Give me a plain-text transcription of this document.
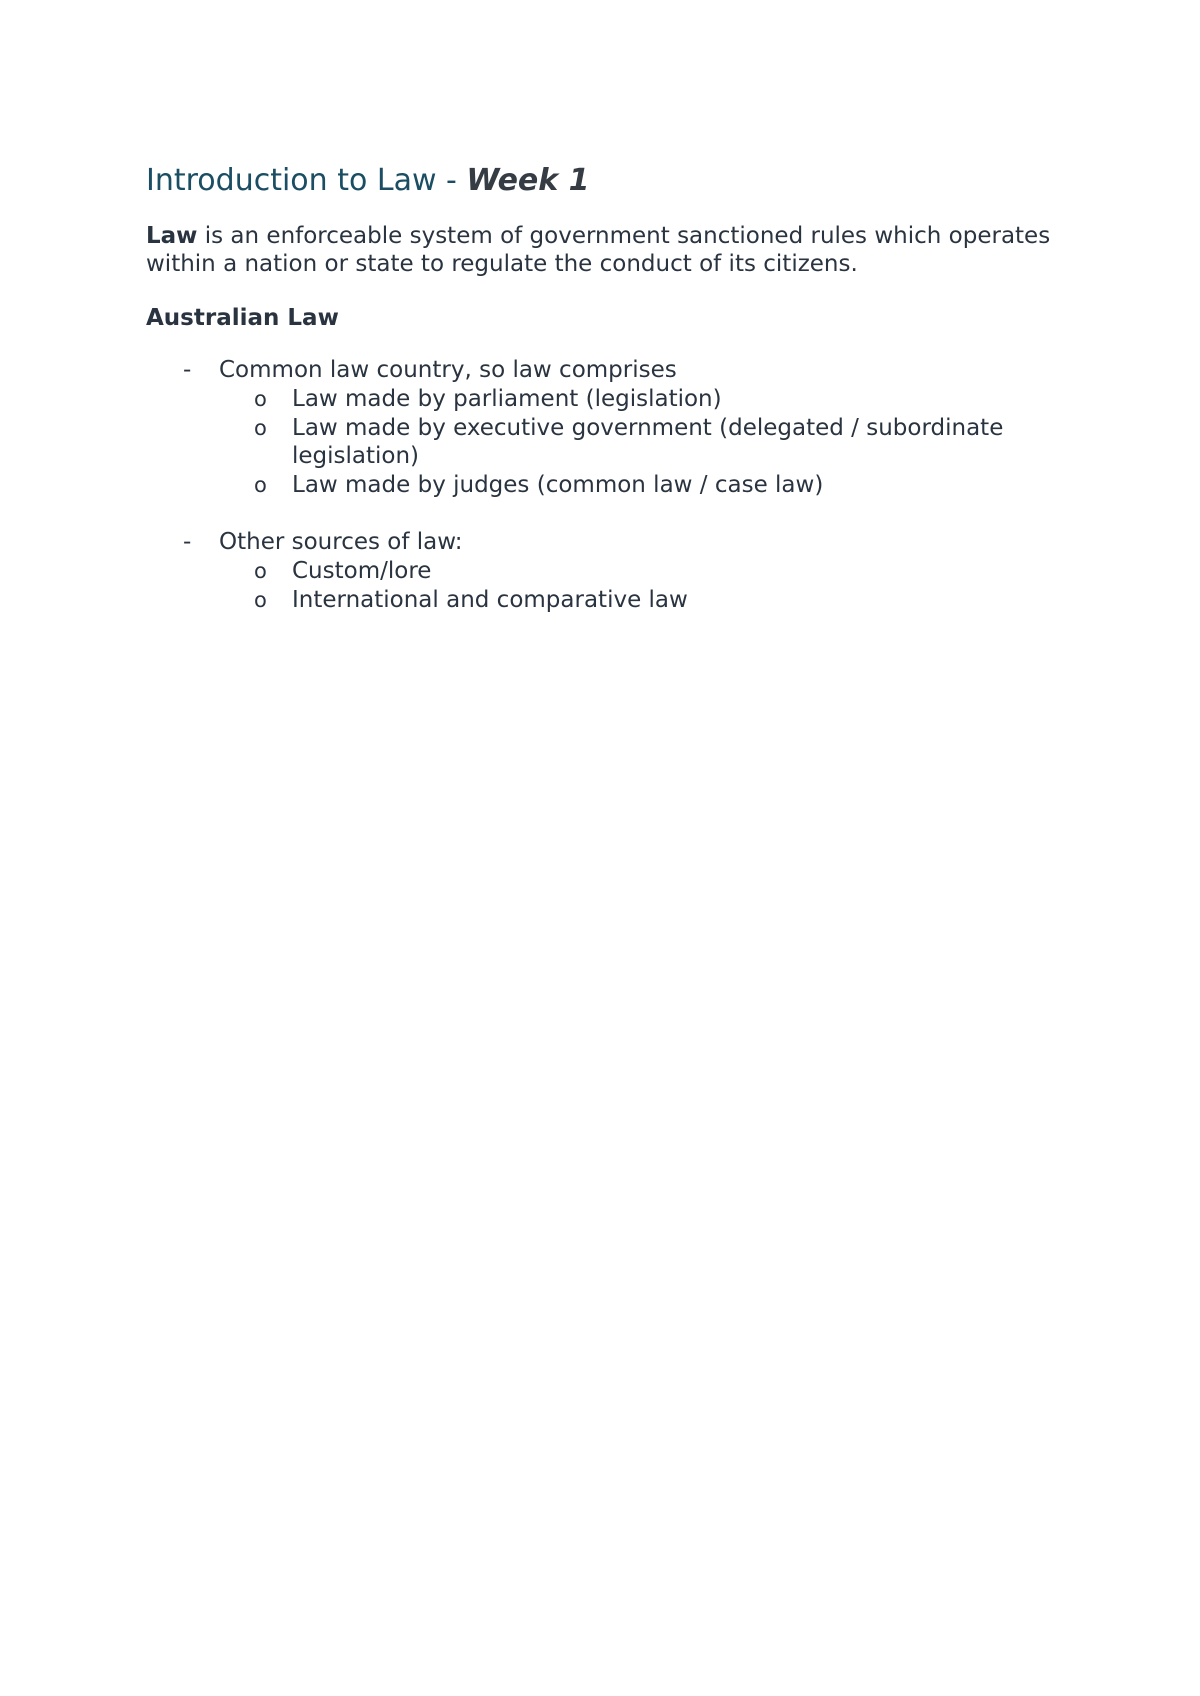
Introduction to Law - Week 1

Law is an enforceable system of government sanctioned rules which operates within a nation or state to regulate the conduct of its citizens.

Australian Law
- Common law country, so law comprises
o Law made by parliament (legislation)
o Law made by executive government (delegated / subordinate legislation)
o Law made by judges (common law / case law)
- Other sources of law:
o Custom/lore
o International and comparative law
